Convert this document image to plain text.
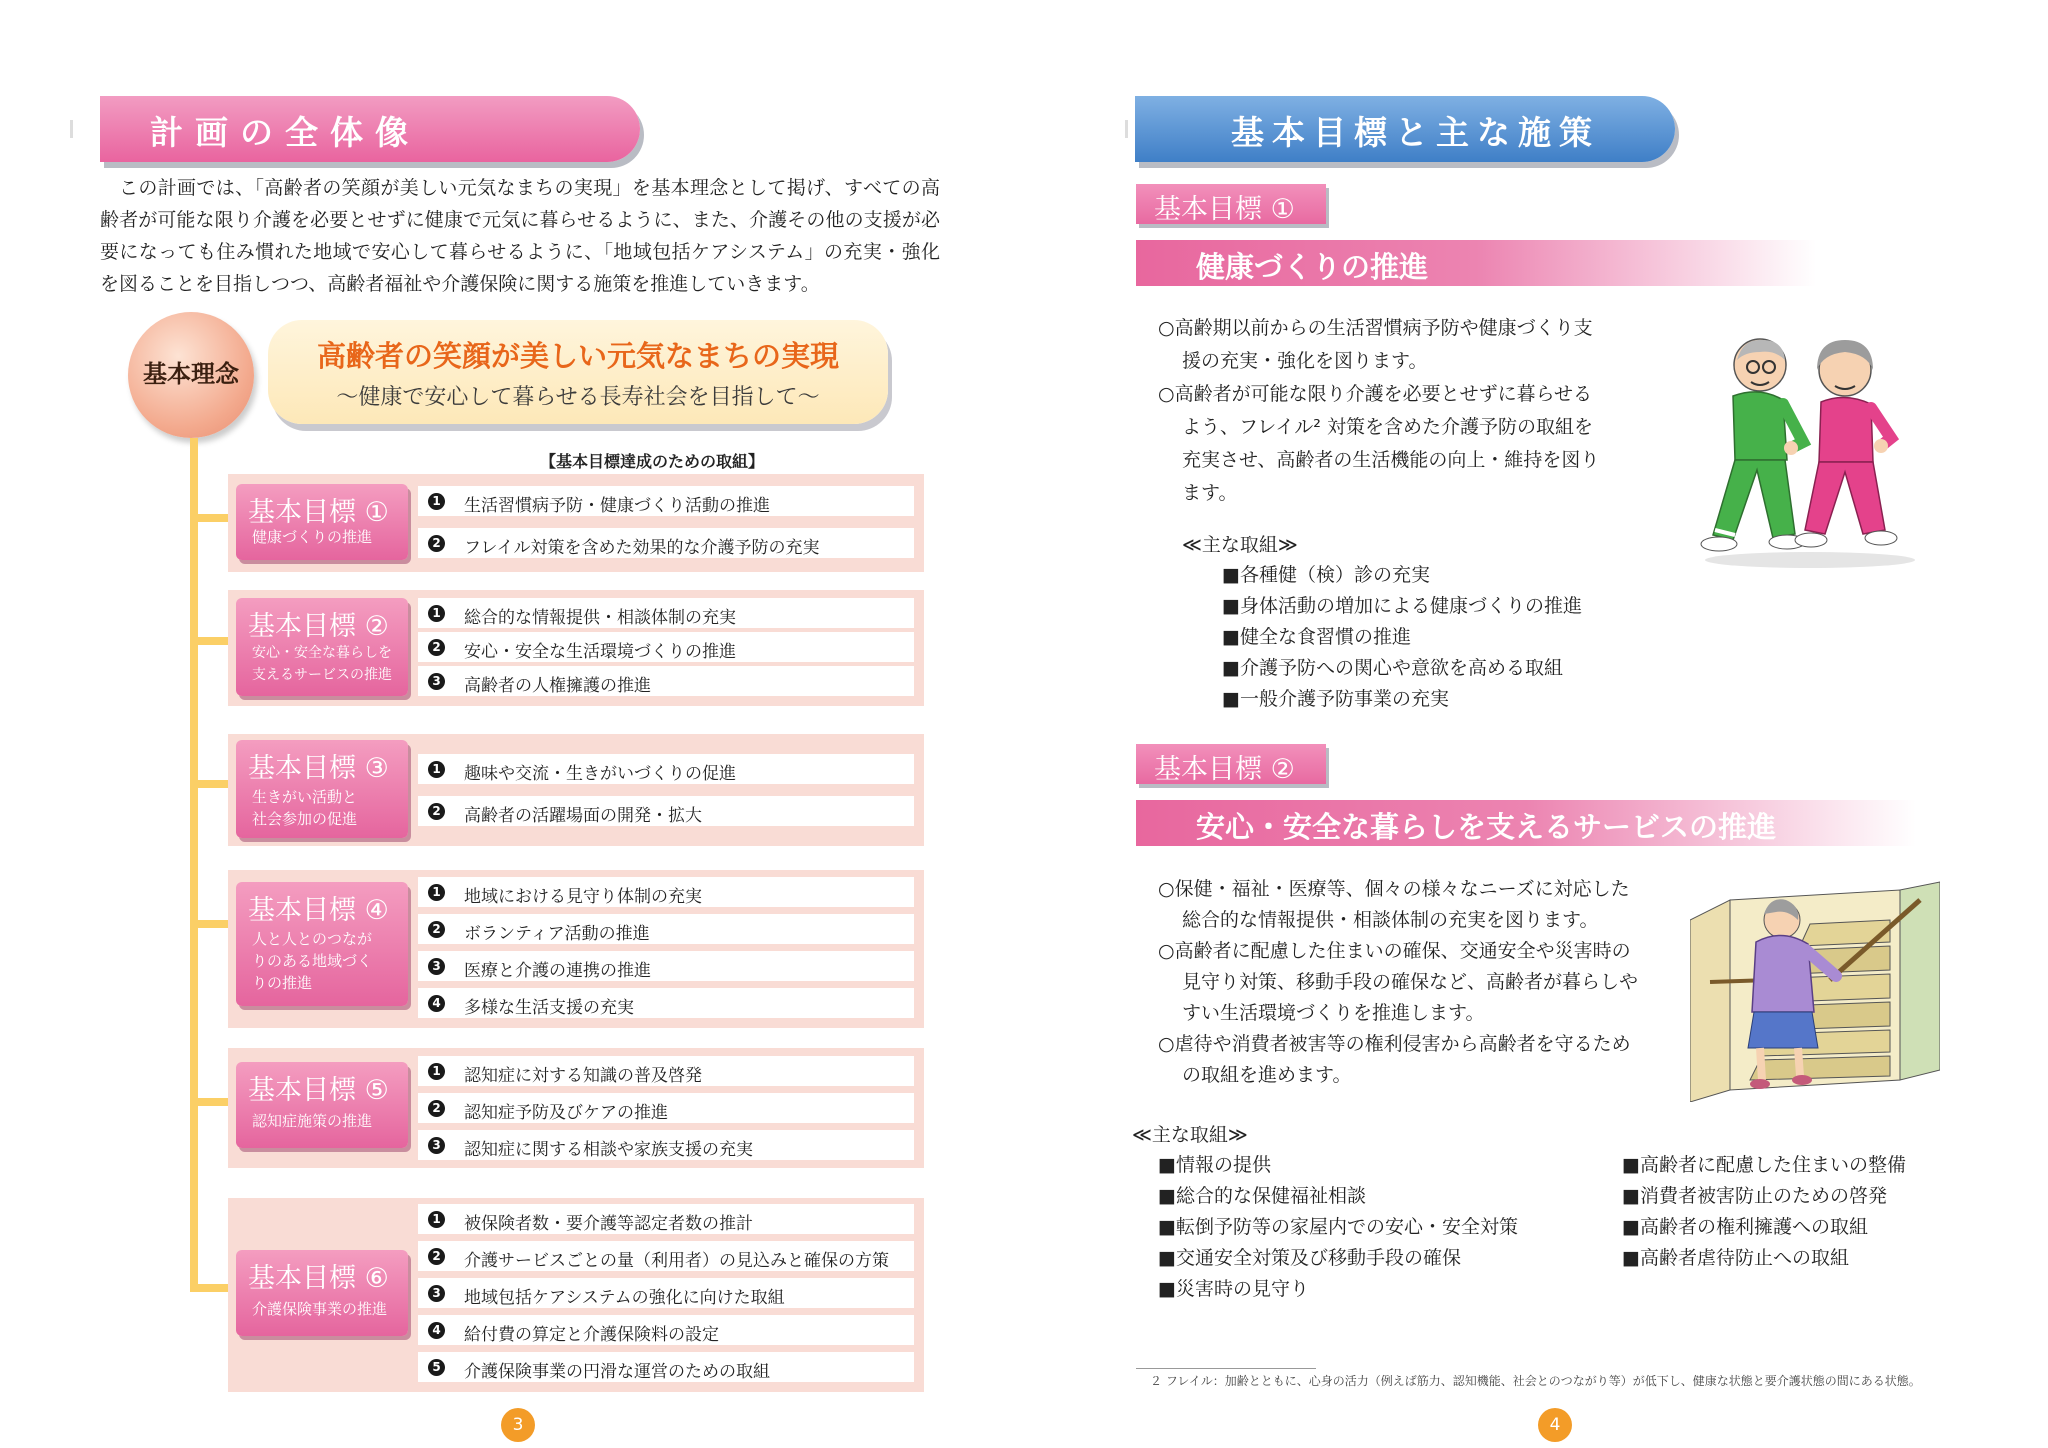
計画の全体像

この計画では、「高齢者の笑顔が美しい元気なまちの実現」を基本理念として掲げ、すべての高齢者が可能な限り介護を必要とせずに健康で元気に暮らせるように、また、介護その他の支援が必要になっても住み慣れた地域で安心して暮らせるように、「地域包括ケアシステム」の充実・強化を図ることを目指しつつ、高齢者福祉や介護保険に関する施策を推進していきます。

基本理念
高齢者の笑顔が美しい元気なまちの実現
～健康で安心して暮らせる長寿社会を目指して～
【基本目標達成のための取組】
基本目標 ①
健康づくりの推進
1 生活習慣病予防・健康づくり活動の推進
2 フレイル対策を含めた効果的な介護予防の充実
基本目標 ②
安心・安全な暮らしを
支えるサービスの推進
1 総合的な情報提供・相談体制の充実
2 安心・安全な生活環境づくりの推進
3 高齢者の人権擁護の推進
基本目標 ③
生きがい活動と
社会参加の促進
1 趣味や交流・生きがいづくりの促進
2 高齢者の活躍場面の開発・拡大
基本目標 ④
人と人とのつなが
りのある地域づく
りの推進
1 地域における見守り体制の充実
2 ボランティア活動の推進
3 医療と介護の連携の推進
4 多様な生活支援の充実
基本目標 ⑤
認知症施策の推進
1 認知症に対する知識の普及啓発
2 認知症予防及びケアの推進
3 認知症に関する相談や家族支援の充実
基本目標 ⑥
介護保険事業の推進
1 被保険者数・要介護等認定者数の推計
2 介護サービスごとの量（利用者）の見込みと確保の方策
3 地域包括ケアシステムの強化に向けた取組
4 給付費の算定と介護保険料の設定
5 介護保険事業の円滑な運営のための取組
3
基本目標と主な施策
基本目標 ①
健康づくりの推進
○高齢期以前からの生活習慣病予防や健康づくり支
援の充実・強化を図ります。
○高齢者が可能な限り介護を必要とせずに暮らせる
よう、フレイル² 対策を含めた介護予防の取組を
充実させ、高齢者の生活機能の向上・維持を図り
ます。
≪主な取組≫
■各種健（検）診の充実
■身体活動の増加による健康づくりの推進
■健全な食習慣の推進
■介護予防への関心や意欲を高める取組
■一般介護予防事業の充実
基本目標 ②
安心・安全な暮らしを支えるサービスの推進
○保健・福祉・医療等、個々の様々なニーズに対応した
総合的な情報提供・相談体制の充実を図ります。
○高齢者に配慮した住まいの確保、交通安全や災害時の
見守り対策、移動手段の確保など、高齢者が暮らしや
すい生活環境づくりを推進します。
○虐待や消費者被害等の権利侵害から高齢者を守るため
の取組を進めます。
≪主な取組≫
■情報の提供
■総合的な保健福祉相談
■転倒予防等の家屋内での安心・安全対策
■交通安全対策及び移動手段の確保
■災害時の見守り
■高齢者に配慮した住まいの整備
■消費者被害防止のための啓発
■高齢者の権利擁護への取組
■高齢者虐待防止への取組
２ フレイル：加齢とともに、心身の活力（例えば筋力、認知機能、社会とのつながり等）が低下し、健康な状態と要介護状態の間にある状態。
4
